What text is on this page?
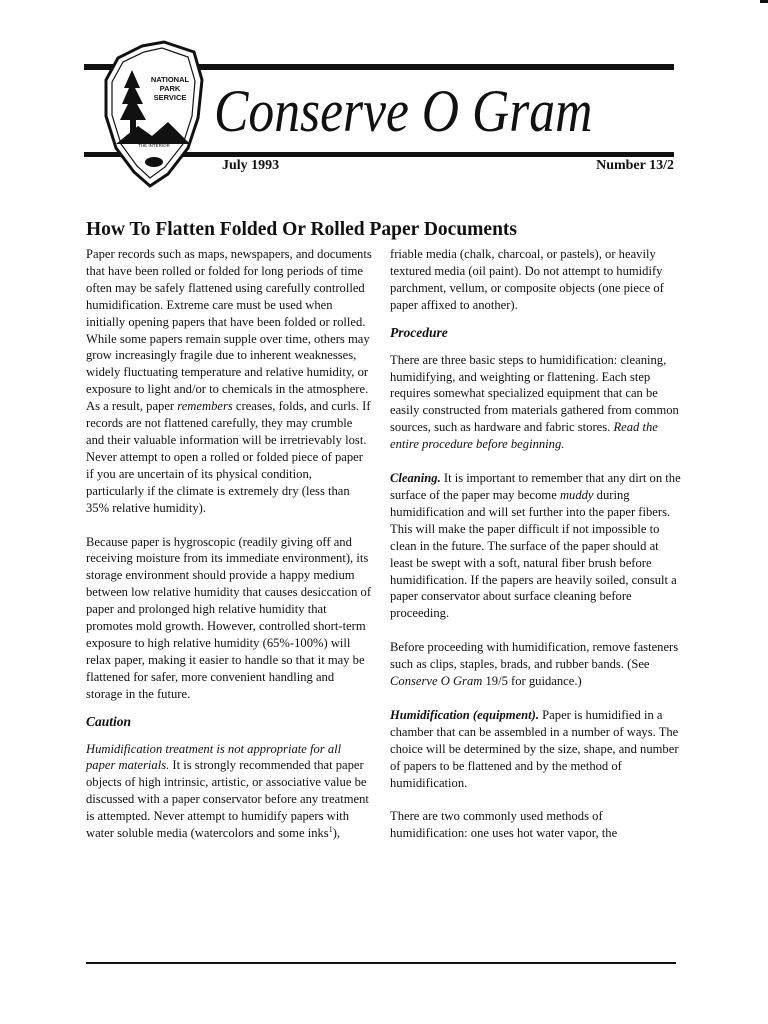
NATIONAL
PARK
SERVICE
DEPARTMENT OF
THE INTERIOR
Conserve O Gram
July 1993	Number 13/2
How To Flatten Folded Or Rolled Paper Documents

Paper records such as maps, newspapers, and documents that have been rolled or folded for long periods of time often may be safely flattened using carefully controlled humidification. Extreme care must be used when initially opening papers that have been folded or rolled. While some papers remain supple over time, others may grow increasingly fragile due to inherent weaknesses, widely fluctuating temperature and relative humidity, or exposure to light and/or to chemicals in the atmosphere. As a result, paper remembers creases, folds, and curls. If records are not flattened carefully, they may crumble and their valuable information will be irretrievably lost. Never attempt to open a rolled or folded piece of paper if you are uncertain of its physical condition, particularly if the climate is extremely dry (less than 35% relative humidity).

Because paper is hygroscopic (readily giving off and receiving moisture from its immediate environment), its storage environment should provide a happy medium between low relative humidity that causes desiccation of paper and prolonged high relative humidity that promotes mold growth. However, controlled short-term exposure to high relative humidity (65%-100%) will relax paper, making it easier to handle so that it may be flattened for safer, more convenient handling and storage in the future.

Caution

Humidification treatment is not appropriate for all paper materials. It is strongly recommended that paper objects of high intrinsic, artistic, or associative value be discussed with a paper conservator before any treatment is attempted. Never attempt to humidify papers with water soluble media (watercolors and some inks$^1$),

friable media (chalk, charcoal, or pastels), or heavily textured media (oil paint). Do not attempt to humidify parchment, vellum, or composite objects (one piece of paper affixed to another).

Procedure

There are three basic steps to humidification: cleaning, humidifying, and weighting or flattening. Each step requires somewhat specialized equipment that can be easily constructed from materials gathered from common sources, such as hardware and fabric stores. Read the entire procedure before beginning.

Cleaning. It is important to remember that any dirt on the surface of the paper may become muddy during humidification and will set further into the paper fibers. This will make the paper difficult if not impossible to clean in the future. The surface of the paper should at least be swept with a soft, natural fiber brush before humidification. If the papers are heavily soiled, consult a paper conservator about surface cleaning before proceeding.

Before proceeding with humidification, remove fasteners such as clips, staples, brads, and rubber bands. (See Conserve O Gram 19/5 for guidance.)

Humidification (equipment). Paper is humidified in a chamber that can be assembled in a number of ways. The choice will be determined by the size, shape, and number of papers to be flattened and by the method of humidification.

There are two commonly used methods of humidification: one uses hot water vapor, the
